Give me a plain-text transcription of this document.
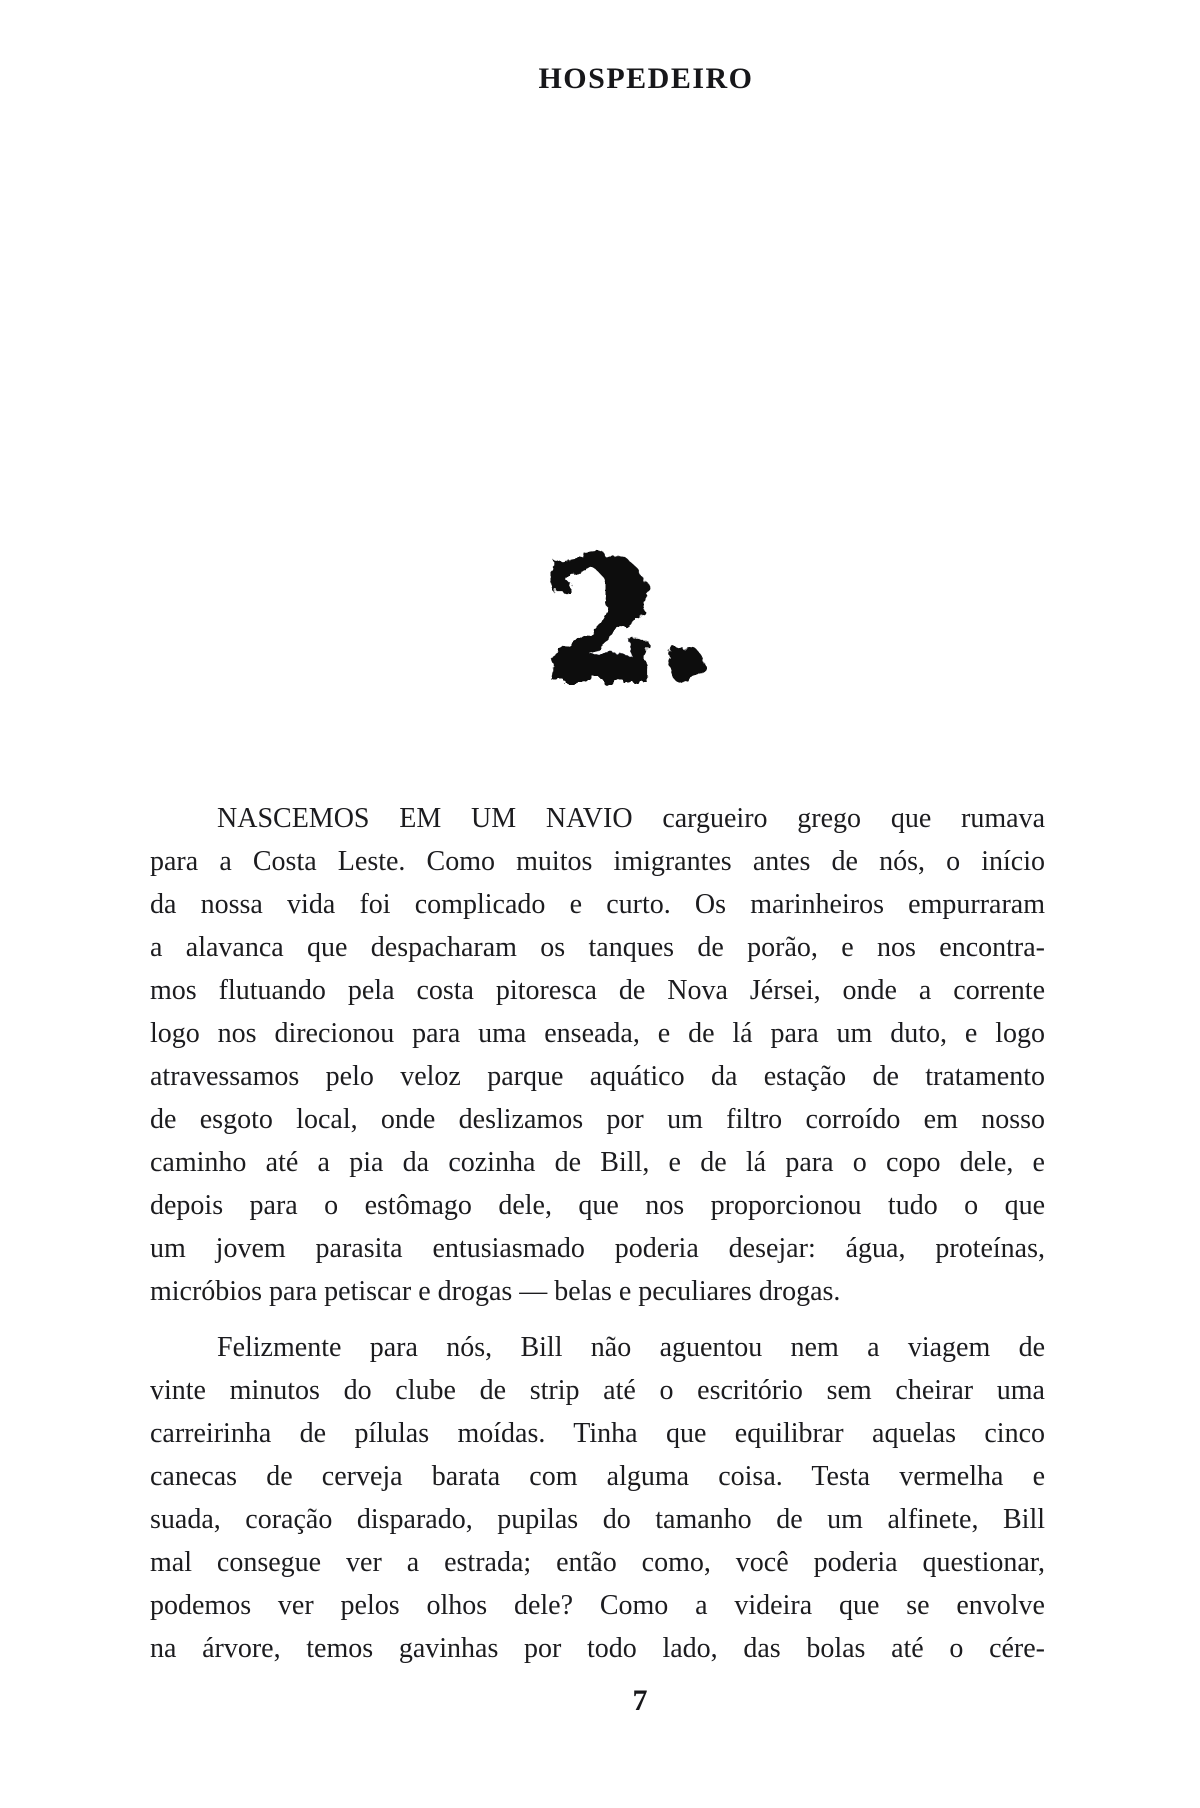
HOSPEDEIRO
2.
NASCEMOS EM UM NAVIO cargueiro grego que rumava
para a Costa Leste. Como muitos imigrantes antes de nós, o início
da nossa vida foi complicado e curto. Os marinheiros empurraram
a alavanca que despacharam os tanques de porão, e nos encontra-
mos flutuando pela costa pitoresca de Nova Jérsei, onde a corrente
logo nos direcionou para uma enseada, e de lá para um duto, e logo
atravessamos pelo veloz parque aquático da estação de tratamento
de esgoto local, onde deslizamos por um filtro corroído em nosso
caminho até a pia da cozinha de Bill, e de lá para o copo dele, e
depois para o estômago dele, que nos proporcionou tudo o que
um jovem parasita entusiasmado poderia desejar: água, proteínas,
micróbios para petiscar e drogas — belas e peculiares drogas.
Felizmente para nós, Bill não aguentou nem a viagem de
vinte minutos do clube de strip até o escritório sem cheirar uma
carreirinha de pílulas moídas. Tinha que equilibrar aquelas cinco
canecas de cerveja barata com alguma coisa. Testa vermelha e
suada, coração disparado, pupilas do tamanho de um alfinete, Bill
mal consegue ver a estrada; então como, você poderia questionar,
podemos ver pelos olhos dele? Como a videira que se envolve
na árvore, temos gavinhas por todo lado, das bolas até o cére-
7
